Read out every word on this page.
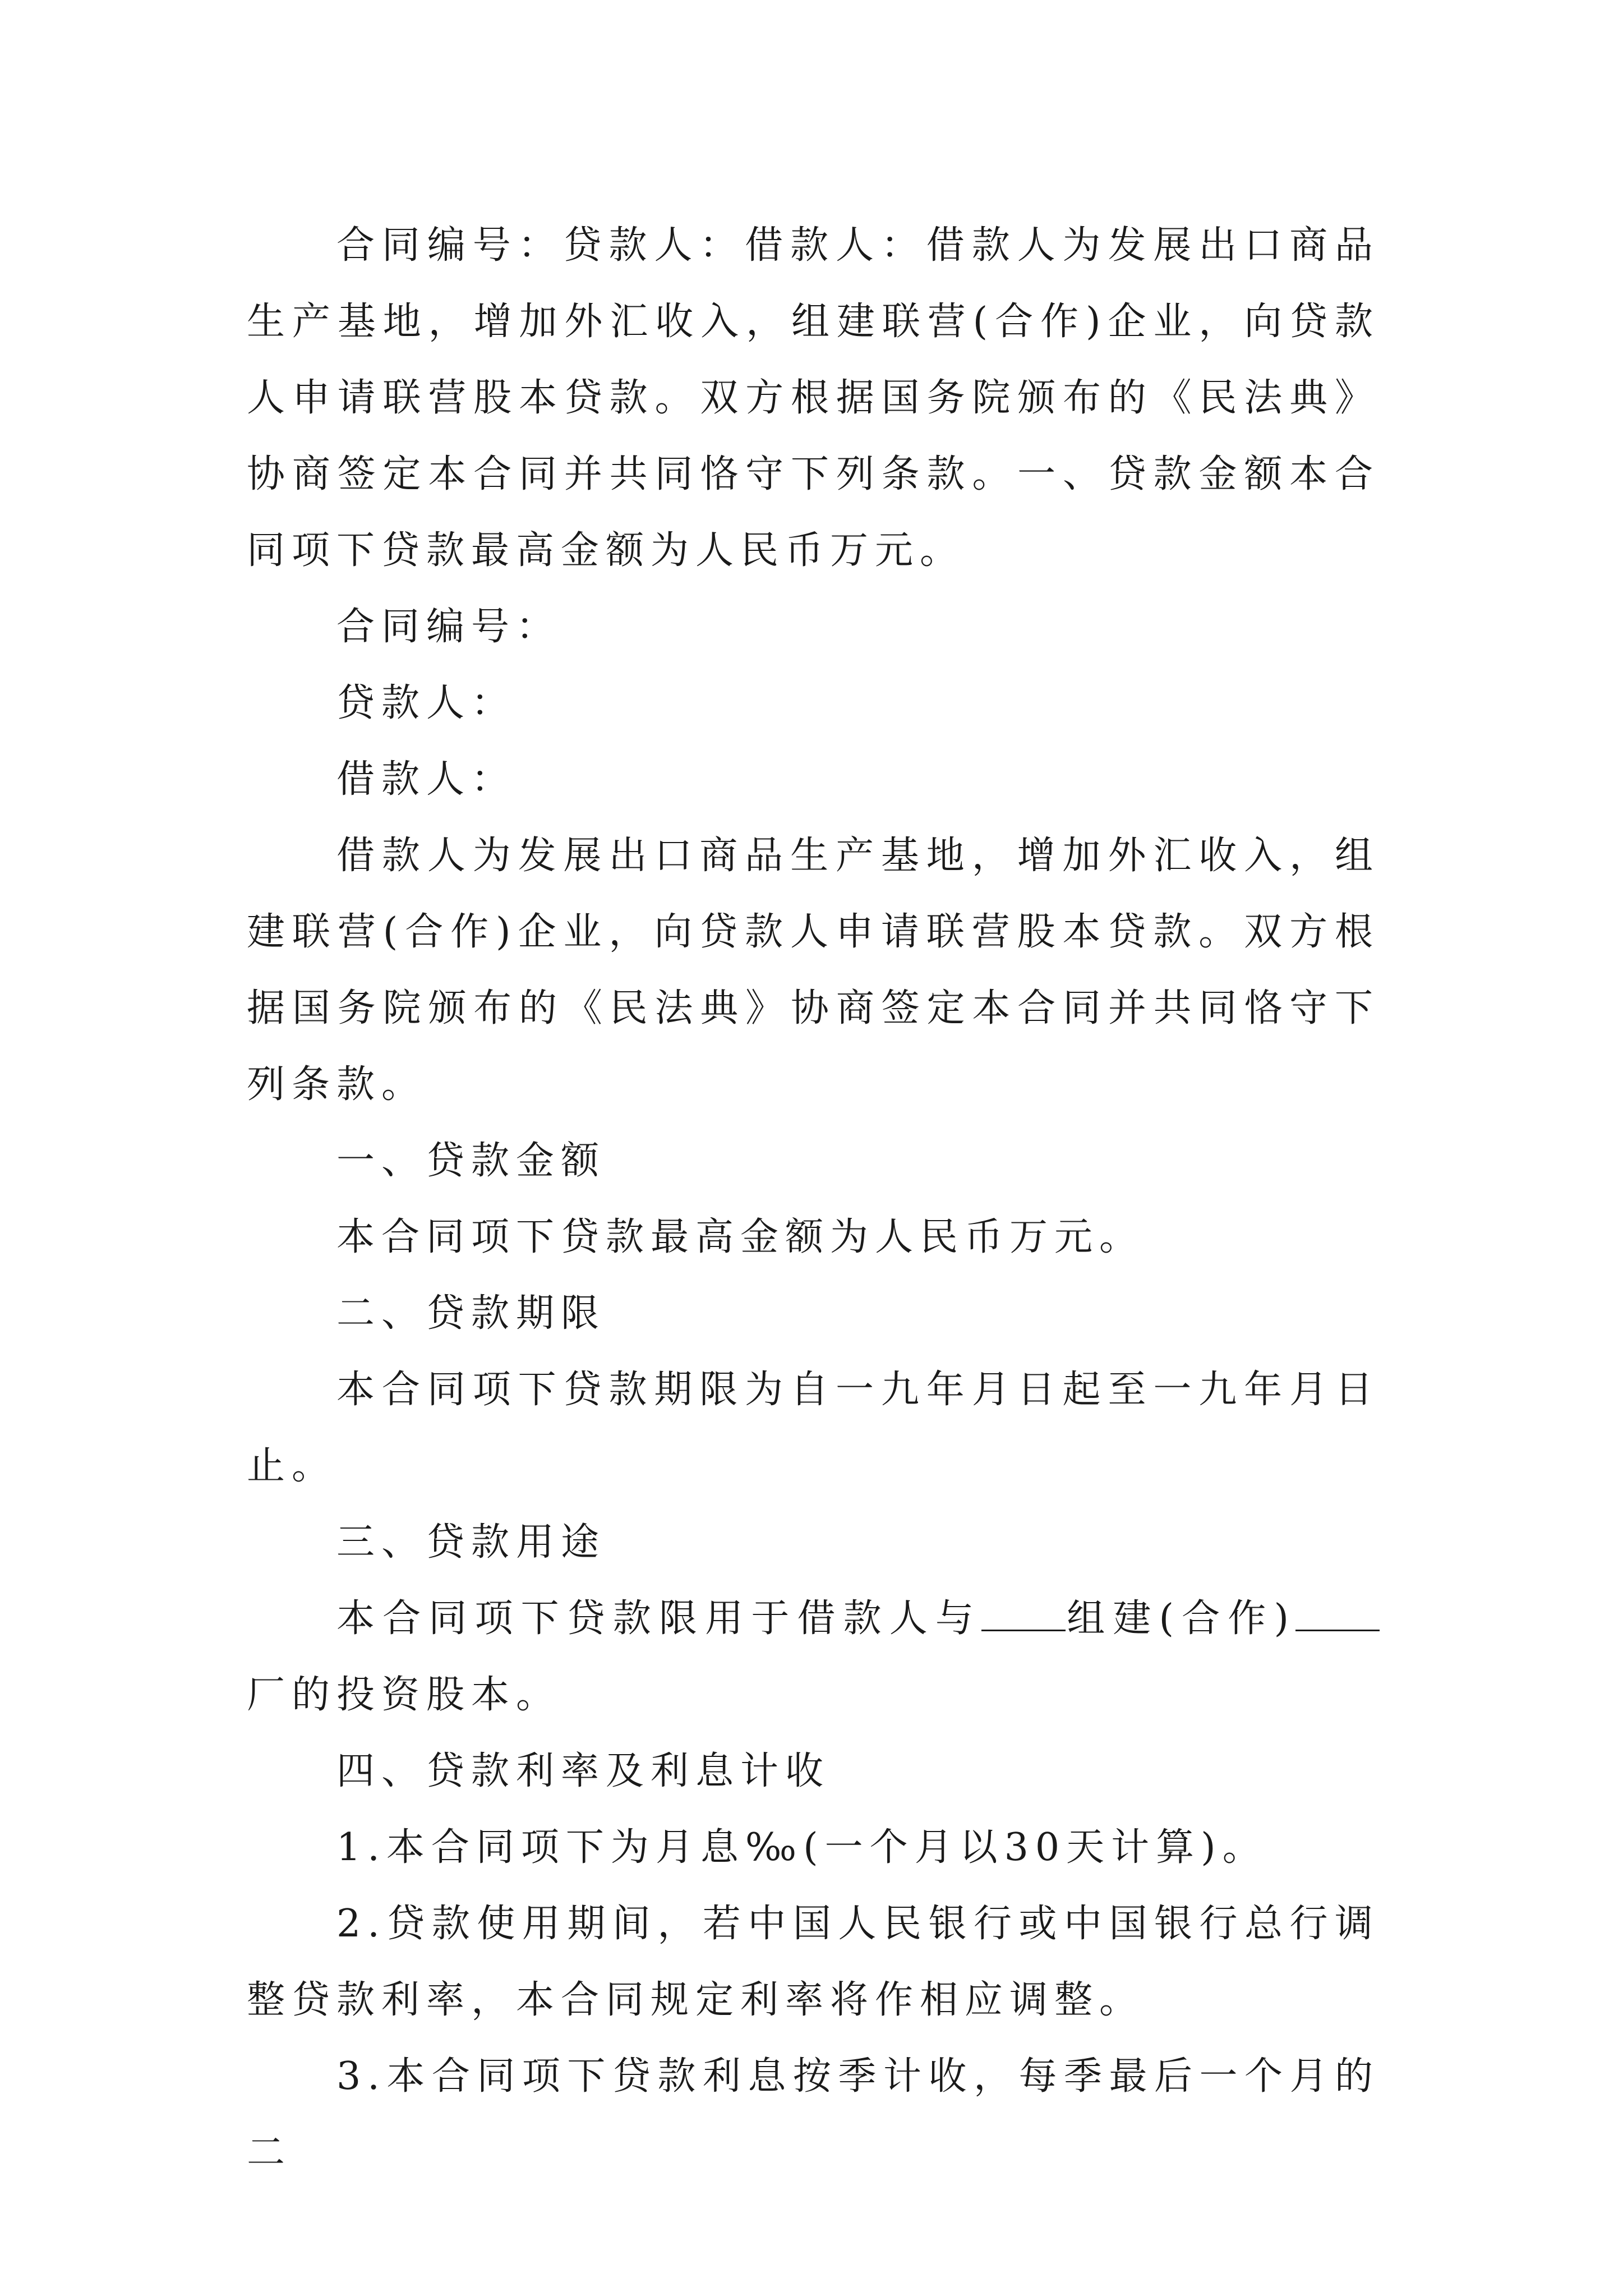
合同编号：贷款人：借款人：借款人为发展出口商品生产基地，增加外汇收入，组建联营(合作)企业，向贷款人申请联营股本贷款。双方根据国务院颁布的《民法典》协商签定本合同并共同恪守下列条款。一、贷款金额本合同项下贷款最高金额为人民币万元。

合同编号：

贷款人：

借款人：

借款人为发展出口商品生产基地，增加外汇收入，组建联营(合作)企业，向贷款人申请联营股本贷款。双方根据国务院颁布的《民法典》协商签定本合同并共同恪守下列条款。

一、贷款金额

本合同项下贷款最高金额为人民币万元。

二、贷款期限

本合同项下贷款期限为自一九年月日起至一九年月日止。

三、贷款用途

本合同项下贷款限用于借款人与 组建(合作)厂的投资股本。

四、贷款利率及利息计收

1.本合同项下为月息‰(一个月以30天计算)。

2.贷款使用期间，若中国人民银行或中国银行总行调整贷款利率，本合同规定利率将作相应调整。

3.本合同项下贷款利息按季计收，每季最后一个月的二
